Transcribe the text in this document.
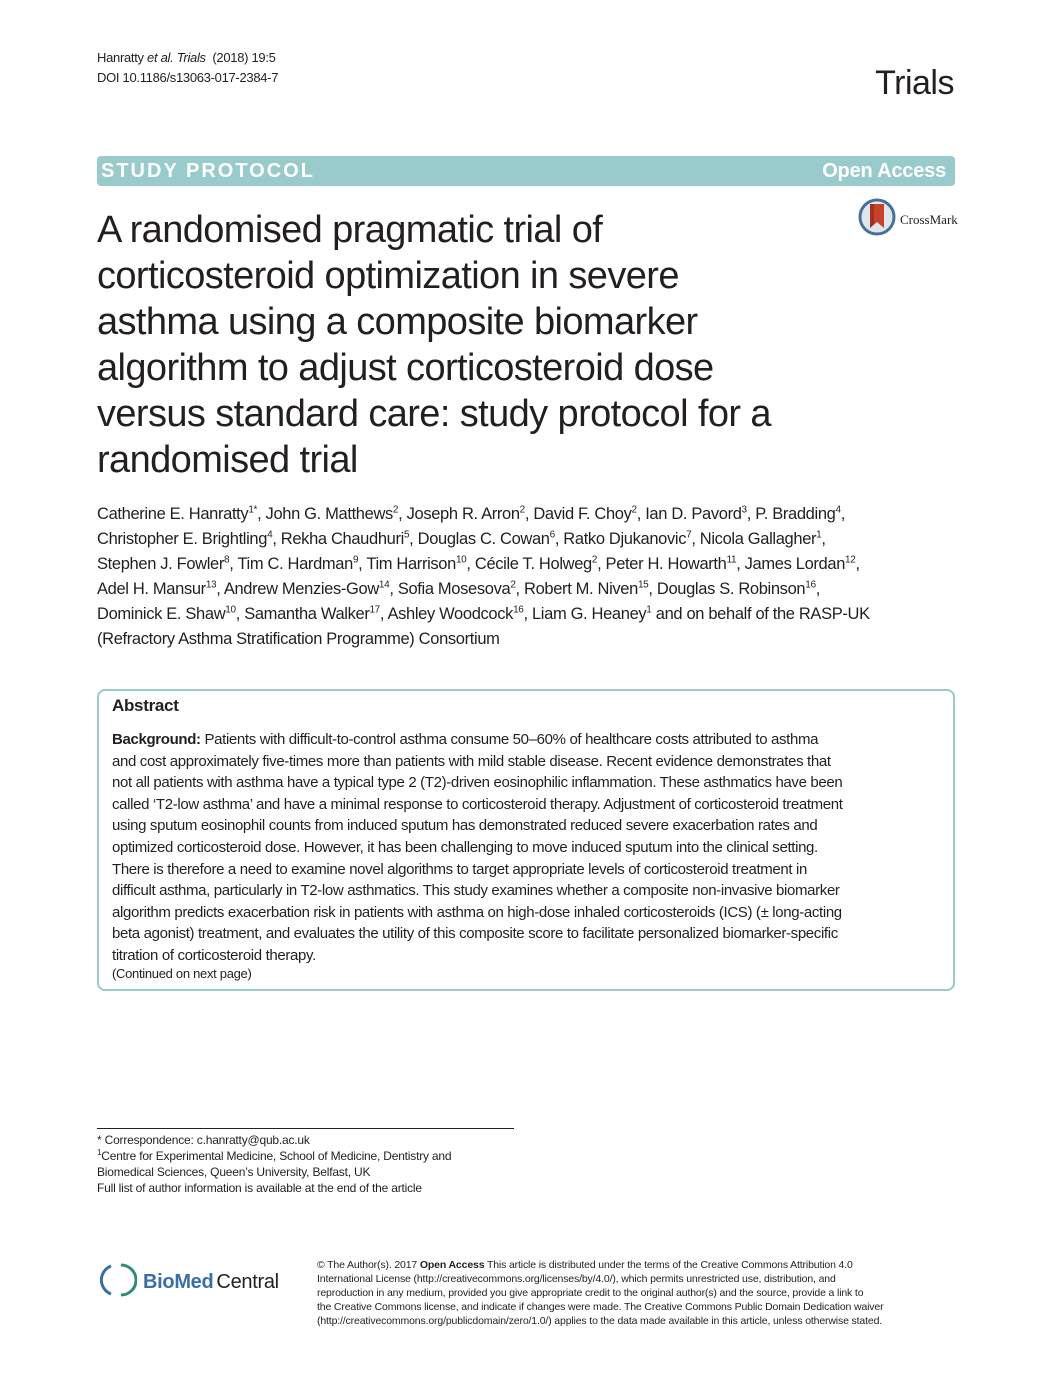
Hanratty et al. Trials (2018) 19:5
DOI 10.1186/s13063-017-2384-7	Trials
STUDY PROTOCOL	Open Access
CrossMark
A randomised pragmatic trial of
corticosteroid optimization in severe
asthma using a composite biomarker
algorithm to adjust corticosteroid dose
versus standard care: study protocol for a
randomised trial
Catherine E. Hanratty$^{1*}$, John G. Matthews$^2$, Joseph R. Arron$^2$, David F. Choy$^2$, Ian D. Pavord$^3$, P. Bradding$^4$,
Christopher E. Brightling$^4$, Rekha Chaudhuri$^5$, Douglas C. Cowan$^6$, Ratko Djukanovic$^7$, Nicola Gallagher$^1$,
Stephen J. Fowler$^8$, Tim C. Hardman$^9$, Tim Harrison$^{10}$, Cécile T. Holweg$^2$, Peter H. Howarth$^{11}$, James Lordan$^{12}$,
Adel H. Mansur$^{13}$, Andrew Menzies-Gow$^{14}$, Sofia Mosesova$^2$, Robert M. Niven$^{15}$, Douglas S. Robinson$^{16}$,
Dominick E. Shaw$^{10}$, Samantha Walker$^{17}$, Ashley Woodcock$^{16}$, Liam G. Heaney$^1$ and on behalf of the RASP-UK
(Refractory Asthma Stratification Programme) Consortium
Abstract
Background: Patients with difficult-to-control asthma consume 50–60% of healthcare costs attributed to asthma
and cost approximately five-times more than patients with mild stable disease. Recent evidence demonstrates that
not all patients with asthma have a typical type 2 (T2)-driven eosinophilic inflammation. These asthmatics have been
called ‘T2-low asthma’ and have a minimal response to corticosteroid therapy. Adjustment of corticosteroid treatment
using sputum eosinophil counts from induced sputum has demonstrated reduced severe exacerbation rates and
optimized corticosteroid dose. However, it has been challenging to move induced sputum into the clinical setting.
There is therefore a need to examine novel algorithms to target appropriate levels of corticosteroid treatment in
difficult asthma, particularly in T2-low asthmatics. This study examines whether a composite non-invasive biomarker
algorithm predicts exacerbation risk in patients with asthma on high-dose inhaled corticosteroids (ICS) (± long-acting
beta agonist) treatment, and evaluates the utility of this composite score to facilitate personalized biomarker-specific
titration of corticosteroid therapy.
(Continued on next page)
* Correspondence: c.hanratty@qub.ac.uk
$^1$Centre for Experimental Medicine, School of Medicine, Dentistry and
Biomedical Sciences, Queen’s University, Belfast, UK
Full list of author information is available at the end of the article
BioMed Central
© The Author(s). 2017 Open Access This article is distributed under the terms of the Creative Commons Attribution 4.0
International License (http://creativecommons.org/licenses/by/4.0/), which permits unrestricted use, distribution, and
reproduction in any medium, provided you give appropriate credit to the original author(s) and the source, provide a link to
the Creative Commons license, and indicate if changes were made. The Creative Commons Public Domain Dedication waiver
(http://creativecommons.org/publicdomain/zero/1.0/) applies to the data made available in this article, unless otherwise stated.
